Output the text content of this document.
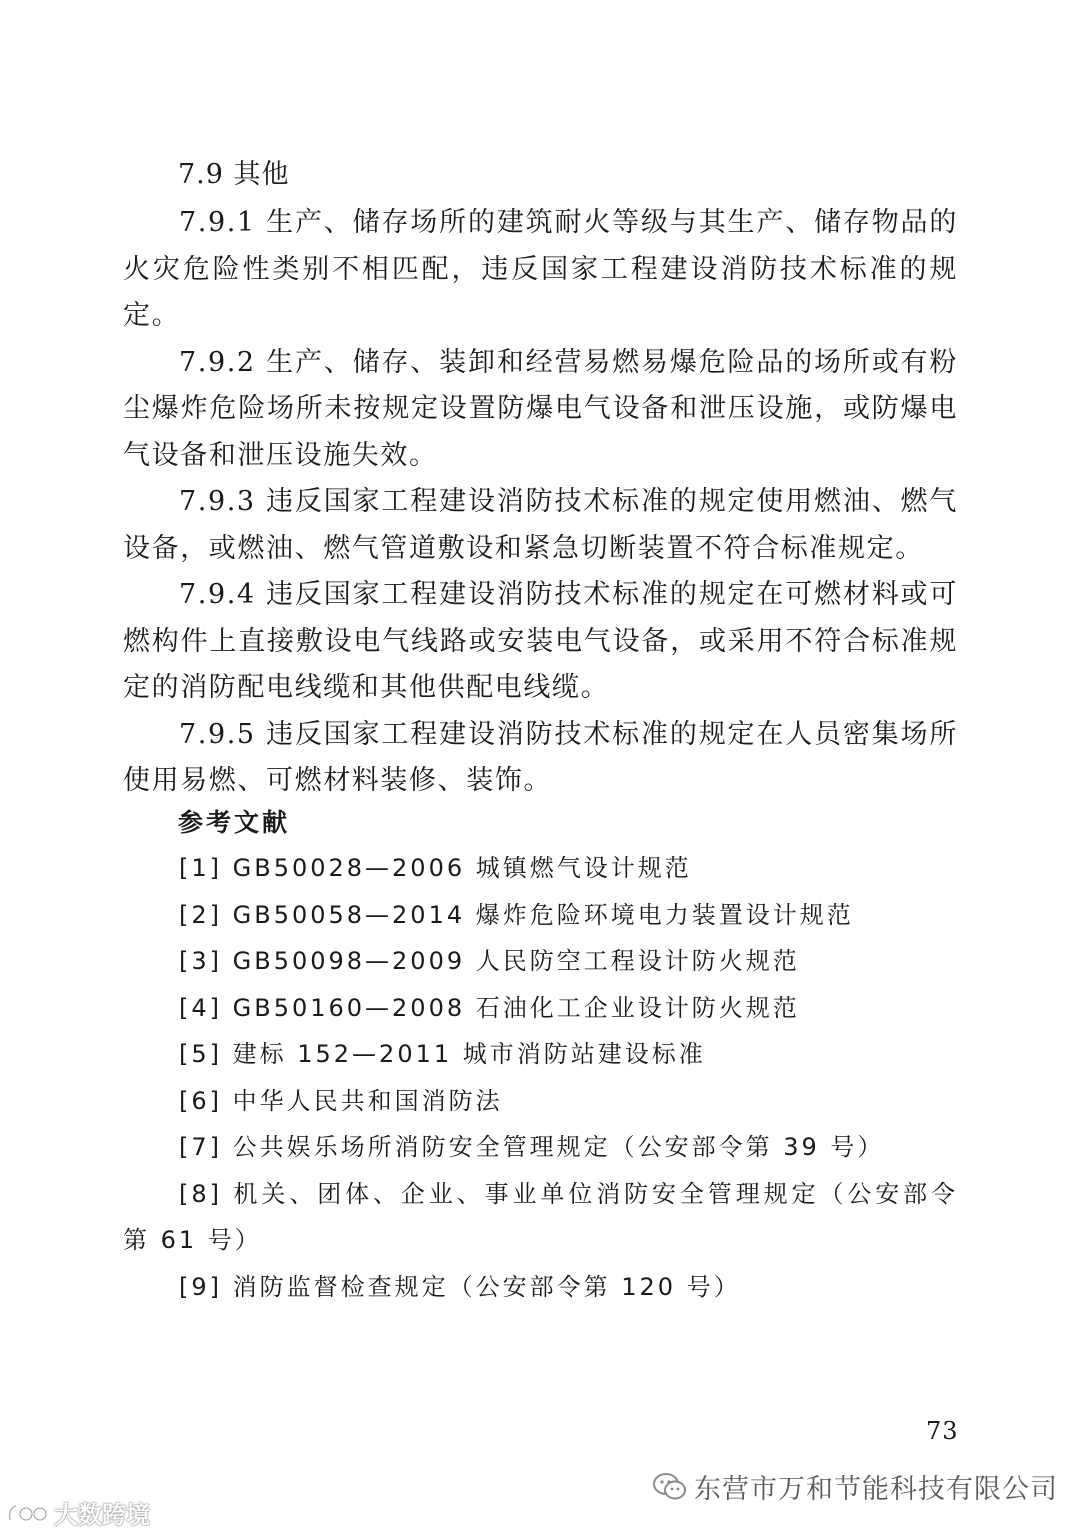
7.9 其他

7.9.1 生产、储存场所的建筑耐火等级与其生产、储存物品的火灾危险性类别不相匹配，违反国家工程建设消防技术标准的规定。

7.9.2 生产、储存、装卸和经营易燃易爆危险品的场所或有粉尘爆炸危险场所未按规定设置防爆电气设备和泄压设施，或防爆电气设备和泄压设施失效。

7.9.3 违反国家工程建设消防技术标准的规定使用燃油、燃气设备，或燃油、燃气管道敷设和紧急切断装置不符合标准规定。

7.9.4 违反国家工程建设消防技术标准的规定在可燃材料或可燃构件上直接敷设电气线路或安装电气设备，或采用不符合标准规定的消防配电线缆和其他供配电线缆。

7.9.5 违反国家工程建设消防技术标准的规定在人员密集场所使用易燃、可燃材料装修、装饰。

参考文献

[1] GB50028—2006 城镇燃气设计规范

[2] GB50058—2014 爆炸危险环境电力装置设计规范

[3] GB50098—2009 人民防空工程设计防火规范

[4] GB50160—2008 石油化工企业设计防火规范

[5] 建标 152—2011 城市消防站建设标准

[6] 中华人民共和国消防法

[7] 公共娱乐场所消防安全管理规定（公安部令第 39 号）

[8] 机关、团体、企业、事业单位消防安全管理规定（公安部令第 61 号）

[9] 消防监督检查规定（公安部令第 120 号）

73
东营市万和节能科技有限公司
大数跨境
